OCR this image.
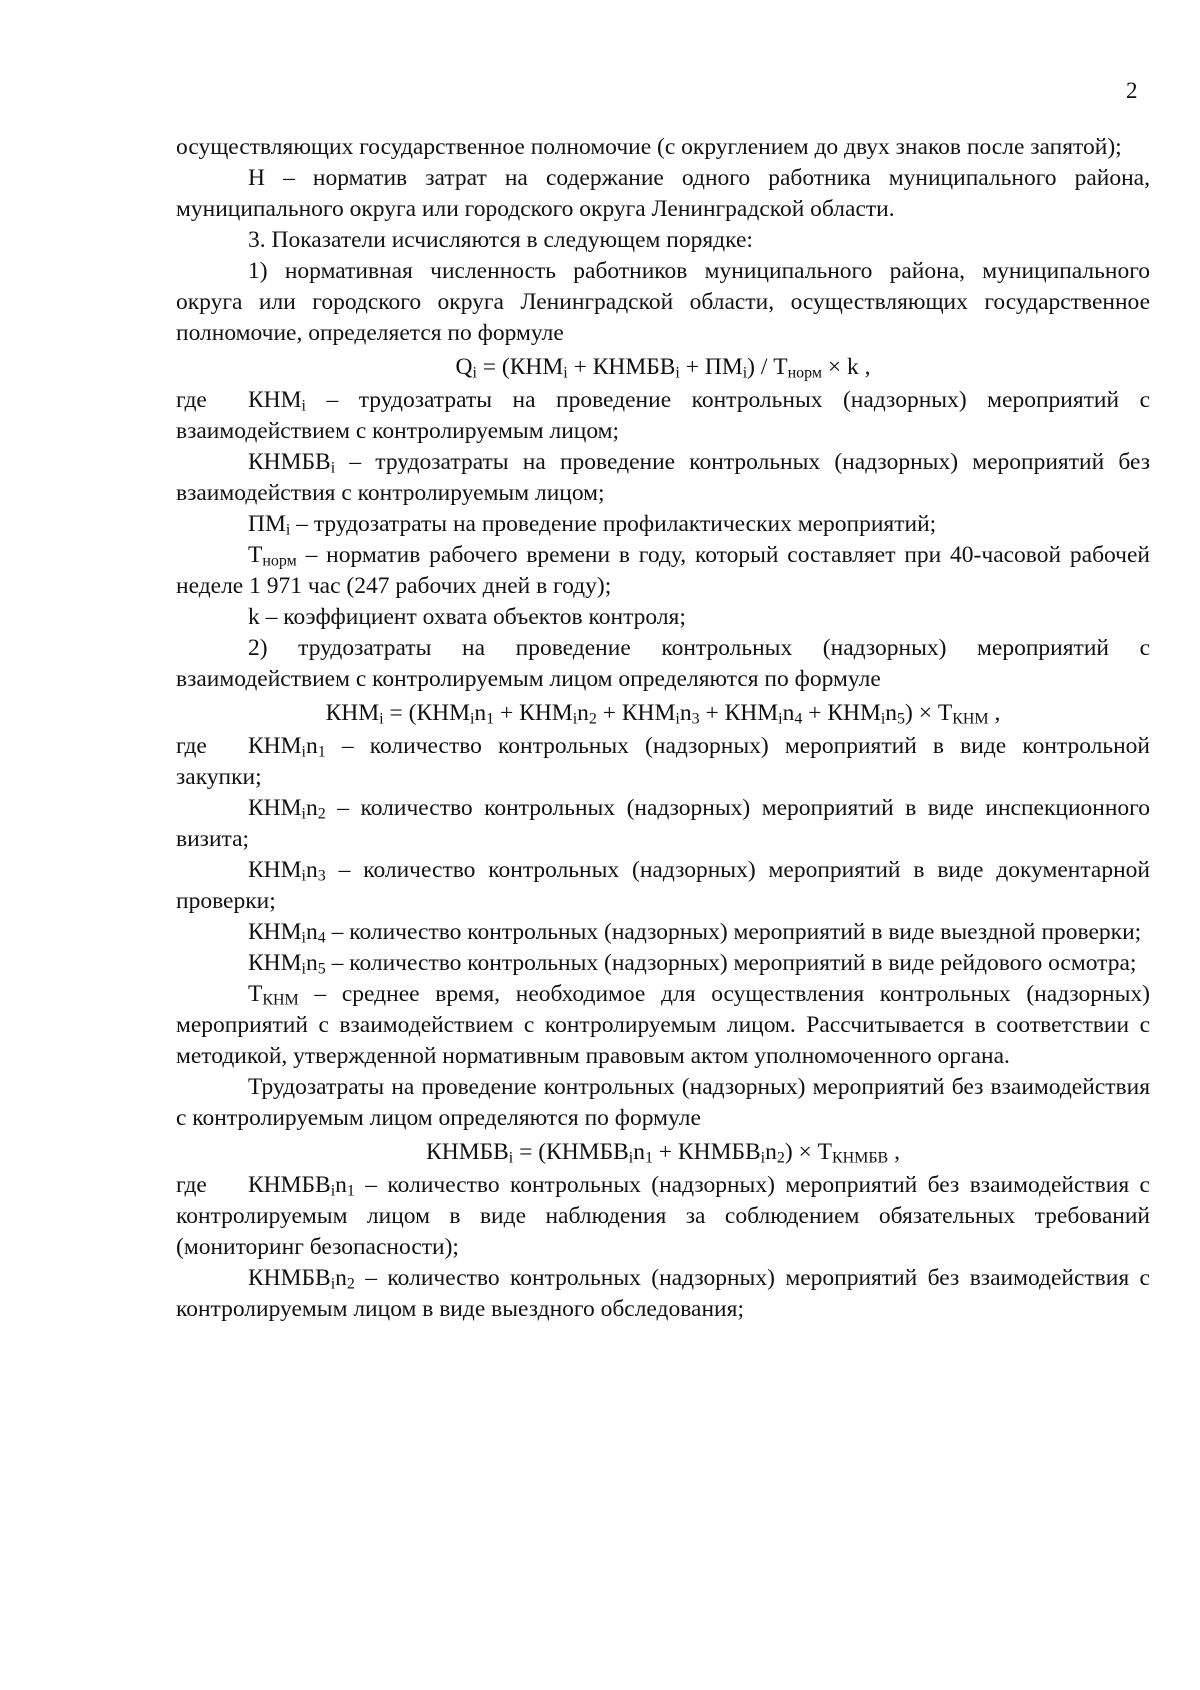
2

осуществляющих государственное полномочие (с округлением до двух знаков после запятой);

Н – норматив затрат на содержание одного работника муниципального района, муниципального округа или городского округа Ленинградской области.

3. Показатели исчисляются в следующем порядке:

1) нормативная численность работников муниципального района, муниципального округа или городского округа Ленинградской области, осуществляющих государственное полномочие, определяется по формуле

$Q_i = (КНМ_i$ + $КНМБВ_i + ПМ_i) / Т_{норм} \times k$ ,

где $КНМ_i$ – трудозатраты на проведение контрольных (надзорных) мероприятий с взаимодействием с контролируемым лицом;

$КНМБВ_i$ – трудозатраты на проведение контрольных (надзорных) мероприятий без взаимодействия с контролируемым лицом;

$ПМ_i$ – трудозатраты на проведение профилактических мероприятий;

$Т_{норм}$ – норматив рабочего времени в году, который составляет при 40-часовой рабочей неделе 1 971 час (247 рабочих дней в году);

k – коэффициент охвата объектов контроля;

2) трудозатраты на проведение контрольных (надзорных) мероприятий с взаимодействием с контролируемым лицом определяются по формуле

$КНМ_i = (КНМ_in_1 + КНМ_in_2 + КНМ_in_3 + КНМ_in_4 + КНМ_in_5) \times Т_{КНМ}$ ,

где $КНМ_in_1$ – количество контрольных (надзорных) мероприятий в виде контрольной закупки;

$КНМ_in_2$ – количество контрольных (надзорных) мероприятий в виде инспекционного визита;

$КНМ_in_3$ – количество контрольных (надзорных) мероприятий в виде документарной проверки;

$КНМ_in_4$ – количество контрольных (надзорных) мероприятий в виде выездной проверки;

$КНМ_in_5$ – количество контрольных (надзорных) мероприятий в виде рейдового осмотра;

$Т_{КНМ}$ – среднее время, необходимое для осуществления контрольных (надзорных) мероприятий с взаимодействием с контролируемым лицом. Рассчитывается в соответствии с методикой, утвержденной нормативным правовым актом уполномоченного органа.

Трудозатраты на проведение контрольных (надзорных) мероприятий без взаимодействия с контролируемым лицом определяются по формуле

$КНМБВ_i$ = ($КНМБВ_in_1$ + $КНМБВ_in_2) \times Т_{КНМБВ}$ ,

где $КНМБВ_in_1$ – количество контрольных (надзорных) мероприятий без взаимодействия с контролируемым лицом в виде наблюдения за соблюдением обязательных требований (мониторинг безопасности);

$КНМБВ_in_2$ – количество контрольных (надзорных) мероприятий без взаимодействия с контролируемым лицом в виде выездного обследования;
